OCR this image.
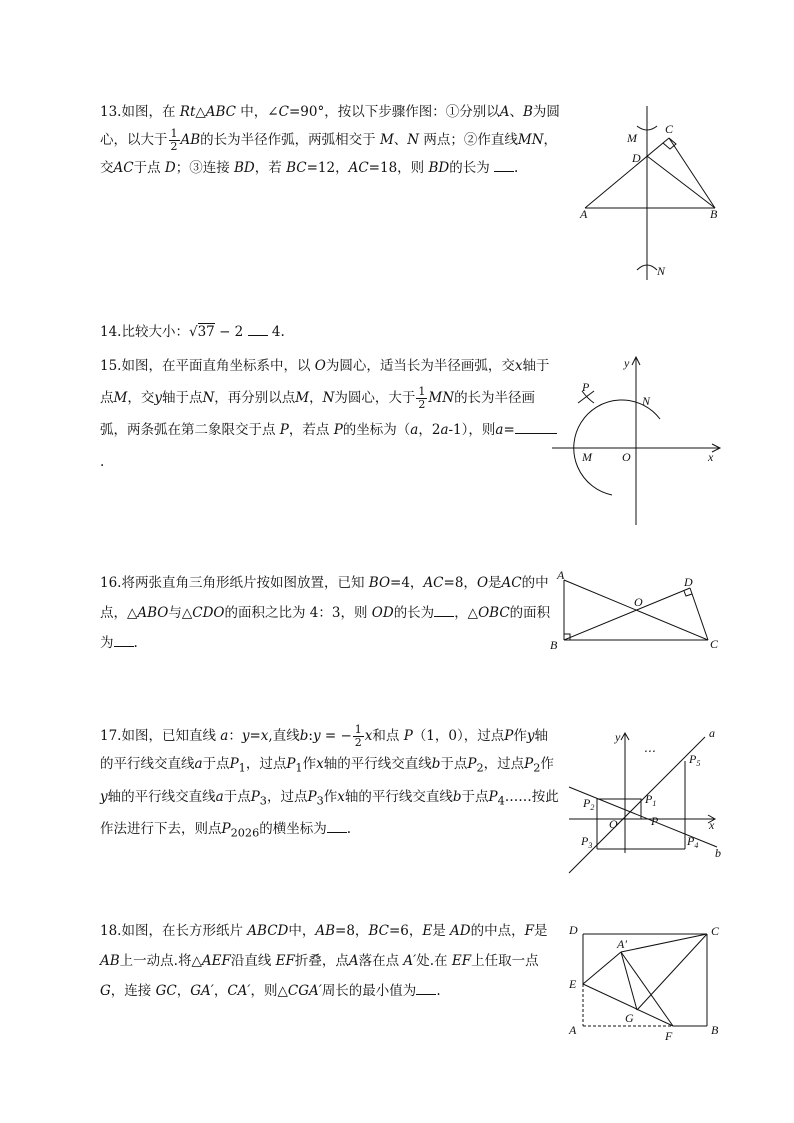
13.如图，在 Rt△ABC 中，∠C=90°，按以下步骤作图：①分别以A、B为圆心，以大于 $\frac{1}{2}$ AB的长为半径作弧，两弧相交于 M、N 两点；②作直线MN，交AC于点 D；③连接 BD，若 BC=12，AC=18，则 BD的长为 .
M
C
D
A	B
N
14.比较大小：√37 − 2 4.
15.如图，在平面直角坐标系中，以 O为圆心，适当长为半径画弧，交x轴于点M，交y轴于点N，再分别以点M，N为圆心，大于 $\frac{1}{2}$ MN的长为半径画弧，两条弧在第二象限交于点 P，若点 P的坐标为（a，2a-1），则a=.
y
P
N
M	O	x
16.将两张直角三角形纸片按如图放置，已知 BO=4，AC=8，O是AC的中点，△ABO与△CDO的面积之比为 4：3，则 OD的长为 ，△OBC的面积为 .
A	D
O
B	C
17.如图，已知直线 a：y=x,直线b:y = − $\frac{1}{2}$ x和点 P（1，0），过点P作y轴的平行线交直线a于点$P_1$，过点$P_1$作x轴的平行线交直线b于点$P_2$，过点$P_2$作y轴的平行线交直线a于点$P_3$，过点$P_3$作x轴的平行线交直线b于点$P_4\dots\dots$按此作法进行下去，则点$P_{2026}$的横坐标为 .
y	a
⋯
$P_5$
$P_2$
$P_1$
O	P	x
$P_3$	$P_4$
b
18.如图，在长方形纸片 ABCD中，AB=8，BC=6，E是 AD的中点，F是AB上一动点.将△AEF沿直线 EF折叠，点A落在点 A′处.在 EF上任取一点 G，连接 GC，GA′，CA′，则△CGA′周长的最小值为 .
D	C
A′
E
G
A	F	B
